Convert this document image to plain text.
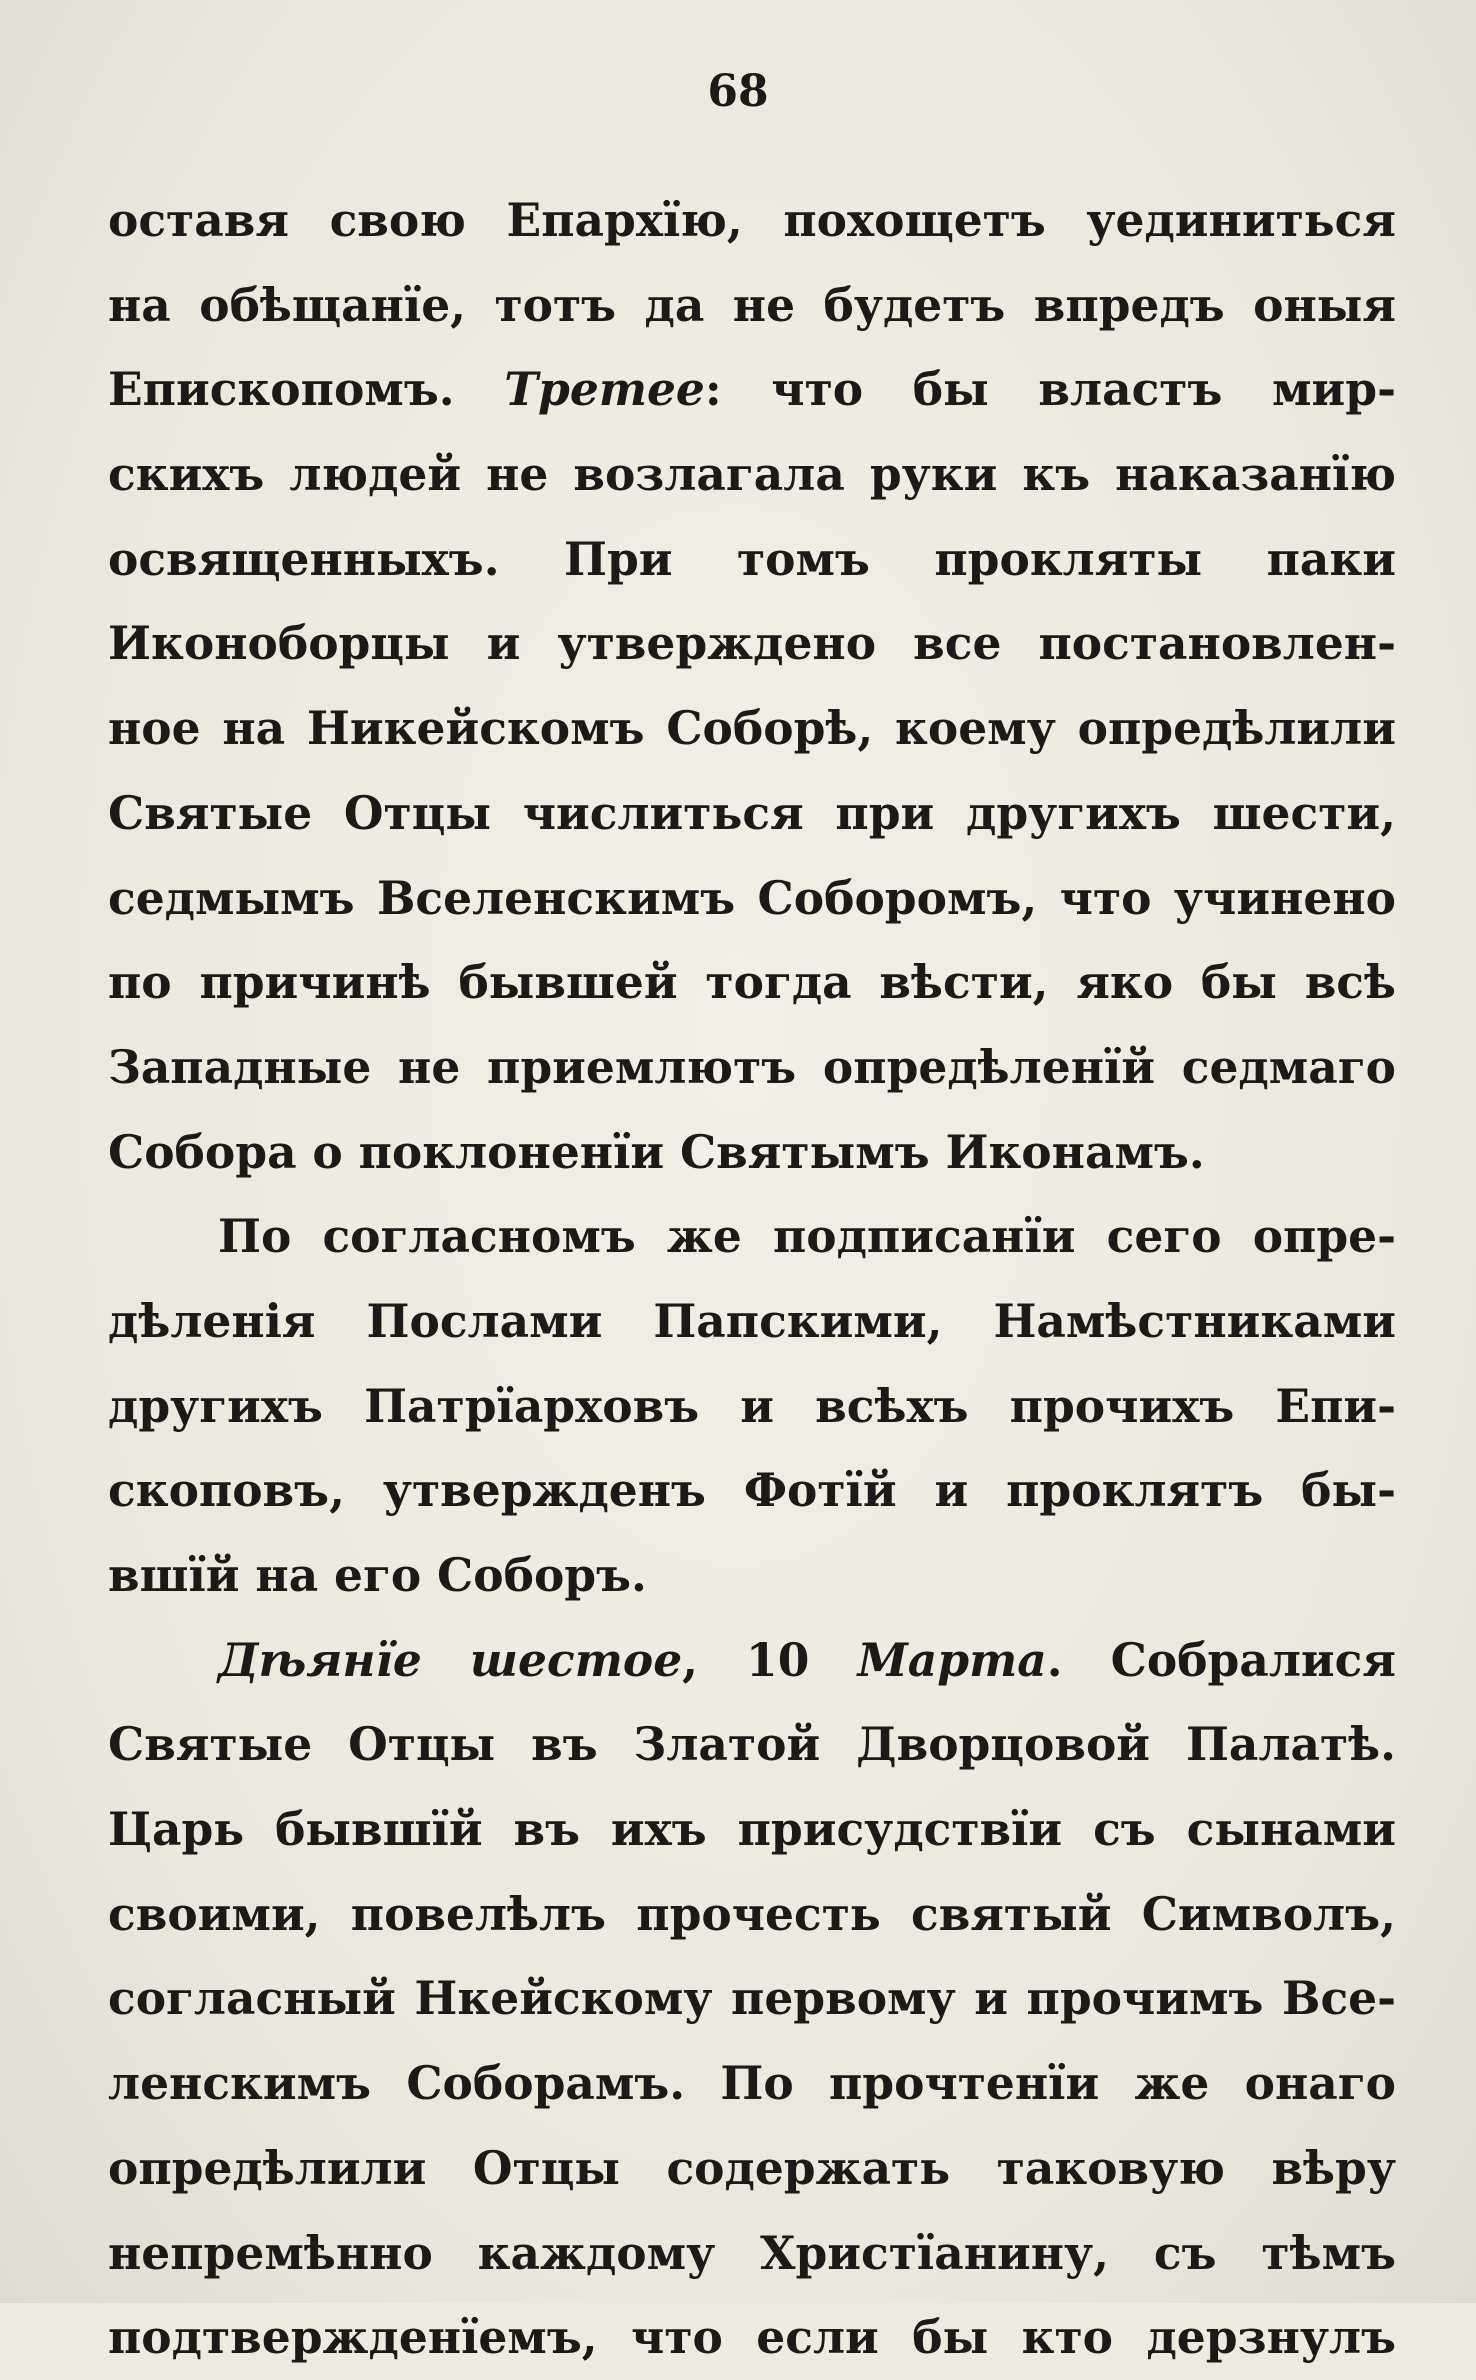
68
оставя свою Епархїю, похощетъ уединиться
на обѣщанїе, тотъ да не будетъ впредъ оныя
Епископомъ. Третее: что бы властъ мир-
скихъ людей не возлагала руки къ наказанїю
освященныхъ. При томъ прокляты паки
Иконоборцы и утверждено все постановлен-
ное на Никейскомъ Соборѣ, коему опредѣлили
Святые Отцы числиться при другихъ шести,
седмымъ Вселенскимъ Соборомъ, что учинено
по причинѣ бывшей тогда вѣсти, яко бы всѣ
Западные не приемлютъ опредѣленїй седмаго
Собора о поклоненїи Святымъ Иконамъ.
По согласномъ же подписанїи сего опре-
дѣленія Послами Папскими, Намѣстниками
другихъ Патрїарховъ и всѣхъ прочихъ Епи-
скоповъ, утвержденъ Фотїй и проклятъ бы-
вшїй на его Соборъ.
Дѣянїе шестое, 10 Марта. Собралися
Святые Отцы въ Златой Дворцовой Палатѣ.
Царь бывшїй въ ихъ присудствїи съ сынами
своими, повелѣлъ прочесть святый Символъ,
согласный Нкейскому первому и прочимъ Все-
ленскимъ Соборамъ. По прочтенїи же онаго
опредѣлили Отцы содержать таковую вѣру
непремѣнно каждому Христїанину, съ тѣмъ
подтвержденїемъ, что если бы кто дерзнулъ
